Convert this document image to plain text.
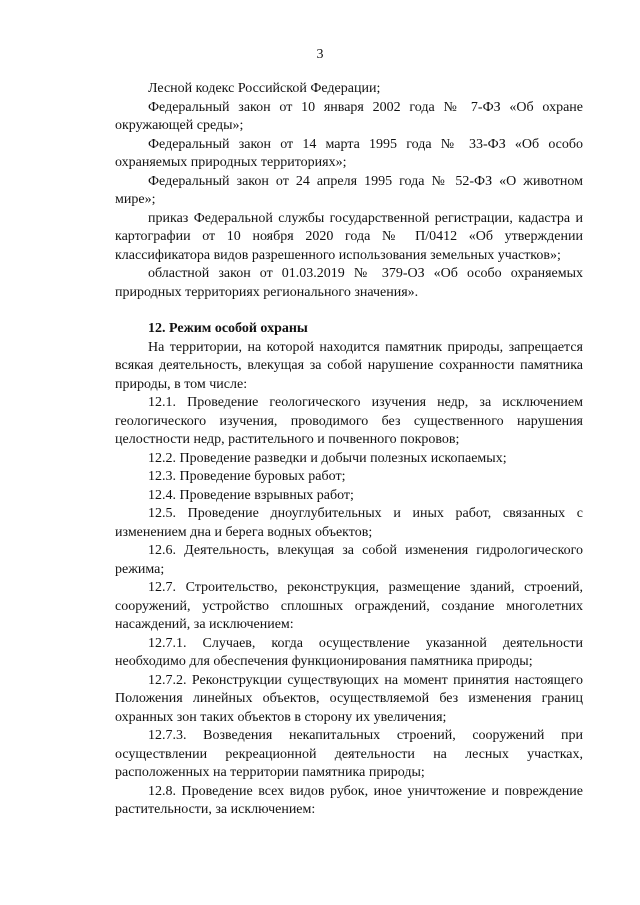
3

Лесной кодекс Российской Федерации;

Федеральный закон от 10 января 2002 года № 7-ФЗ «Об охране окружающей среды»;

Федеральный закон от 14 марта 1995 года № 33-ФЗ «Об особо охраняемых природных территориях»;

Федеральный закон от 24 апреля 1995 года № 52-ФЗ «О животном мире»;

приказ Федеральной службы государственной регистрации, кадастра и картографии от 10 ноября 2020 года № П/0412 «Об утверждении классификатора видов разрешенного использования земельных участков»;

областной закон от 01.03.2019 № 379-ОЗ «Об особо охраняемых природных территориях регионального значения».

12. Режим особой охраны

На территории, на которой находится памятник природы, запрещается всякая деятельность, влекущая за собой нарушение сохранности памятника природы, в том числе:

12.1. Проведение геологического изучения недр, за исключением геологического изучения, проводимого без существенного нарушения целостности недр, растительного и почвенного покровов;

12.2. Проведение разведки и добычи полезных ископаемых;

12.3. Проведение буровых работ;

12.4. Проведение взрывных работ;

12.5. Проведение дноуглубительных и иных работ, связанных с изменением дна и берега водных объектов;

12.6. Деятельность, влекущая за собой изменения гидрологического режима;

12.7. Строительство, реконструкция, размещение зданий, строений, сооружений, устройство сплошных ограждений, создание многолетних насаждений, за исключением:

12.7.1. Случаев, когда осуществление указанной деятельности необходимо для обеспечения функционирования памятника природы;

12.7.2. Реконструкции существующих на момент принятия настоящего Положения линейных объектов, осуществляемой без изменения границ охранных зон таких объектов в сторону их увеличения;

12.7.3. Возведения некапитальных строений, сооружений при осуществлении рекреационной деятельности на лесных участках, расположенных на территории памятника природы;

12.8. Проведение всех видов рубок, иное уничтожение и повреждение растительности, за исключением:
